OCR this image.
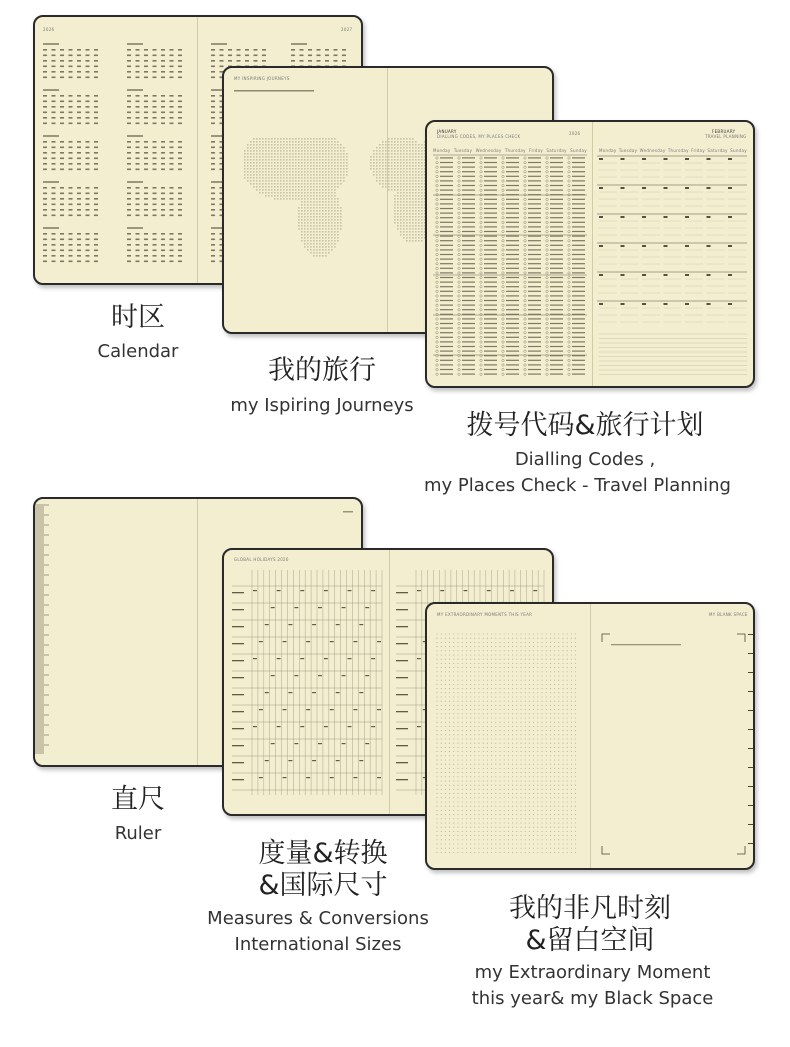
2026	2027
MY INSPIRING JOURNEYS
JANUARY
DIALLING CODES, MY PLACES CHECK
2026	FEBRUARY
TRAVEL PLANNING
Monday Tuesday Wednesday Thursday Friday Saturday Sunday	Monday Tuesday Wednesday Thursday Friday Saturday Sunday
时区
Calendar
我的旅行
my Ispiring Journeys
拨号代码&旅行计划
Dialling Codes ,
my Places Check - Travel Planning
GLOBAL HOLIDAYS 2026
MY EXTRAORDINARY MOMENTS THIS YEAR	MY BLANK SPACE
直尺
Ruler
度量&转换
&国际尺寸
Measures & Conversions
International Sizes
我的非凡时刻
&留白空间
my Extraordinary Moment
this year& my Black Space
